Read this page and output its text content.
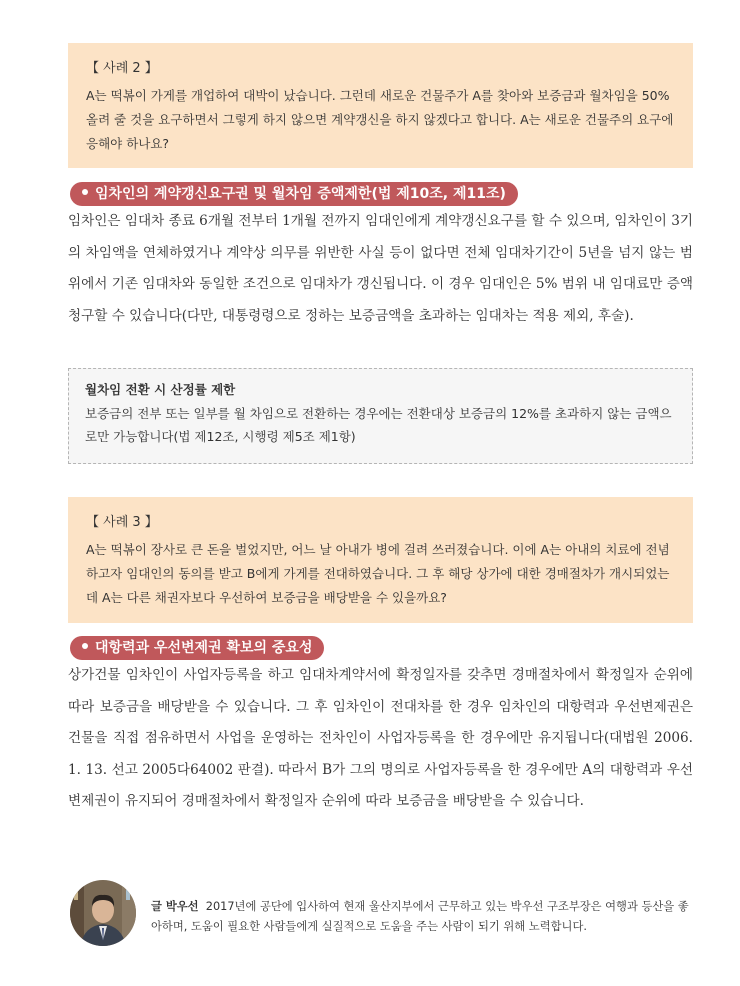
【 사례 2 】
A는 떡볶이 가게를 개업하여 대박이 났습니다. 그런데 새로운 건물주가 A를 찾아와 보증금과 월차임을 50% 올려 줄 것을 요구하면서 그렇게 하지 않으면 계약갱신을 하지 않겠다고 합니다. A는 새로운 건물주의 요구에 응해야 하나요?
임차인의 계약갱신요구권 및 월차임 증액제한(법 제10조, 제11조)
임차인은 임대차 종료 6개월 전부터 1개월 전까지 임대인에게 계약갱신요구를 할 수 있으며, 임차인이 3기의 차임액을 연체하였거나 계약상 의무를 위반한 사실 등이 없다면 전체 임대차기간이 5년을 넘지 않는 범위에서 기존 임대차와 동일한 조건으로 임대차가 갱신됩니다. 이 경우 임대인은 5% 범위 내 임대료만 증액 청구할 수 있습니다(다만, 대통령령으로 정하는 보증금액을 초과하는 임대차는 적용 제외, 후술).
월차임 전환 시 산정률 제한
보증금의 전부 또는 일부를 월 차임으로 전환하는 경우에는 전환대상 보증금의 12%를 초과하지 않는 금액으로만 가능합니다(법 제12조, 시행령 제5조 제1항)
【 사례 3 】
A는 떡볶이 장사로 큰 돈을 벌었지만, 어느 날 아내가 병에 걸려 쓰러졌습니다. 이에 A는 아내의 치료에 전념하고자 임대인의 동의를 받고 B에게 가게를 전대하였습니다. 그 후 해당 상가에 대한 경매절차가 개시되었는데 A는 다른 채권자보다 우선하여 보증금을 배당받을 수 있을까요?
대항력과 우선변제권 확보의 중요성
상가건물 임차인이 사업자등록을 하고 임대차계약서에 확정일자를 갖추면 경매절차에서 확정일자 순위에 따라 보증금을 배당받을 수 있습니다. 그 후 임차인이 전대차를 한 경우 임차인의 대항력과 우선변제권은 건물을 직접 점유하면서 사업을 운영하는 전차인이 사업자등록을 한 경우에만 유지됩니다(대법원 2006. 1. 13. 선고 2005다64002 판결). 따라서 B가 그의 명의로 사업자등록을 한 경우에만 A의 대항력과 우선변제권이 유지되어 경매절차에서 확정일자 순위에 따라 보증금을 배당받을 수 있습니다.
글 박우선 2017년에 공단에 입사하여 현재 울산지부에서 근무하고 있는 박우선 구조부장은 여행과 등산을 좋아하며, 도움이 필요한 사람들에게 실질적으로 도움을 주는 사람이 되기 위해 노력합니다.
